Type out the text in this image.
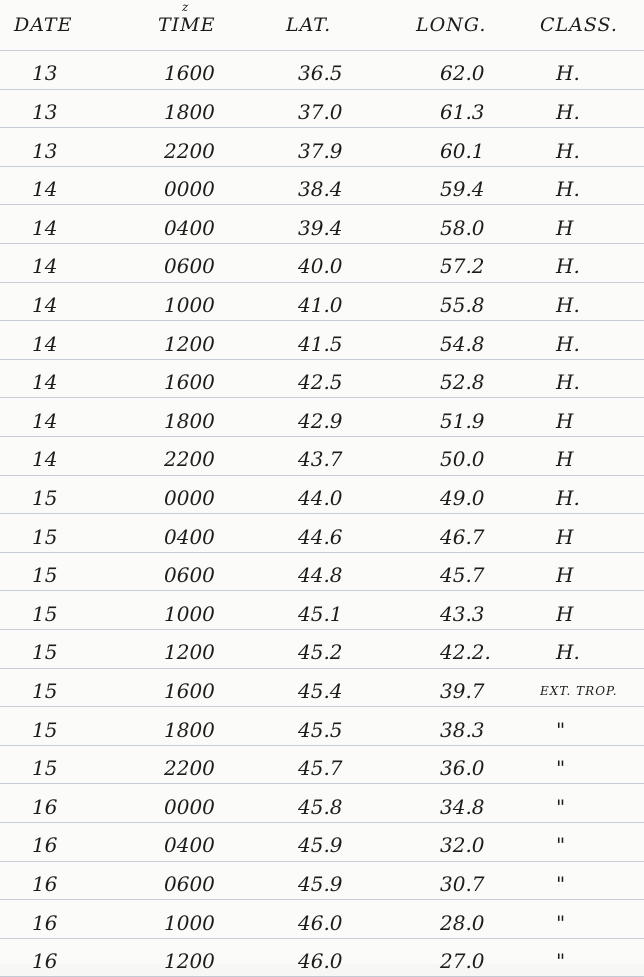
z
DATE	TIME	LAT.	LONG.	CLASS.
13	1600	36.5	62.0	H.
13	1800	37.0	61.3	H.
13	2200	37.9	60.1	H.
14	0000	38.4	59.4	H.
14	0400	39.4	58.0	H
14	0600	40.0	57.2	H.
14	1000	41.0	55.8	H.
14	1200	41.5	54.8	H.
14	1600	42.5	52.8	H.
14	1800	42.9	51.9	H
14	2200	43.7	50.0	H
15	0000	44.0	49.0	H.
15	0400	44.6	46.7	H
15	0600	44.8	45.7	H
15	1000	45.1	43.3	H
15	1200	45.2	42.2.	H.
15	1600	45.4	39.7	EXT. TROP.
15	1800	45.5	38.3	"
15	2200	45.7	36.0	"
16	0000	45.8	34.8	"
16	0400	45.9	32.0	"
16	0600	45.9	30.7	"
16	1000	46.0	28.0	"
16	1200	46.0	27.0	"
